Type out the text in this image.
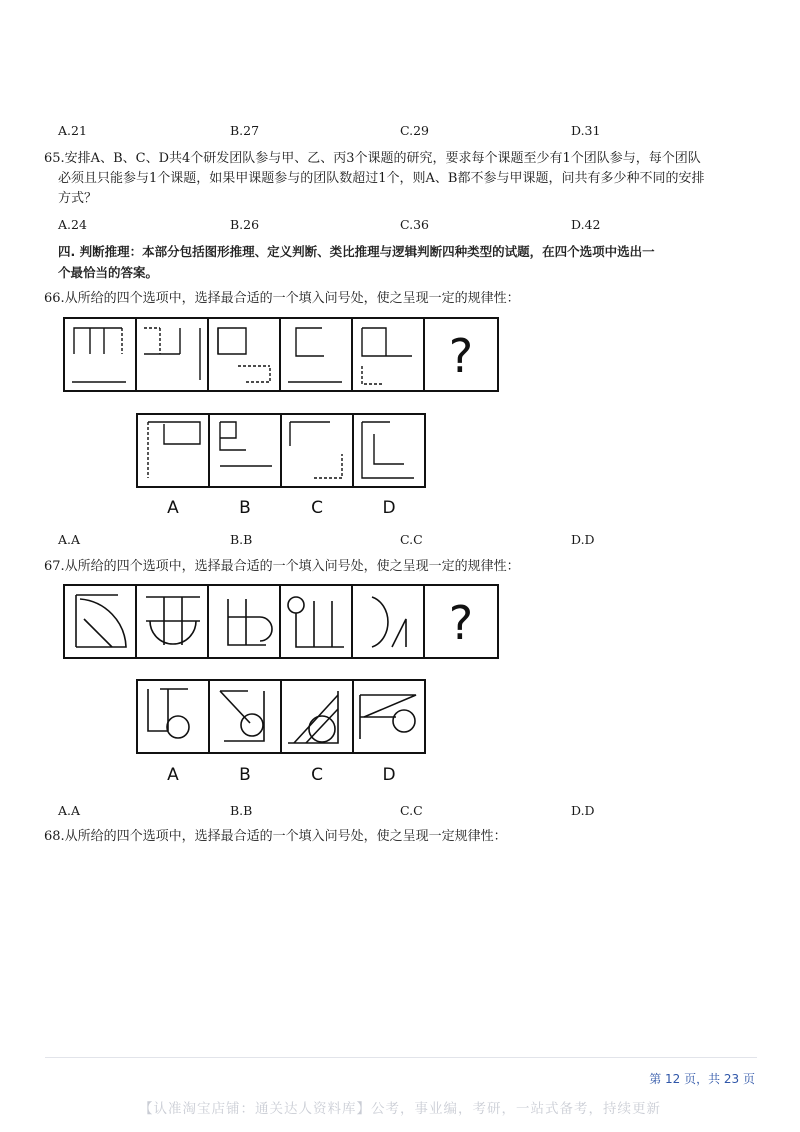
A.21	B.27	C.29	D.31
65.安排A、B、C、D共4个研发团队参与甲、乙、丙3个课题的研究，要求每个课题至少有1个团队参与，每个团队
必须且只能参与1个课题，如果甲课题参与的团队数超过1个，则A、B都不参与甲课题，问共有多少种不同的安排
方式？
A.24	B.26	C.36	D.42
四. 判断推理：本部分包括图形推理、定义判断、类比推理与逻辑判断四种类型的试题，在四个选项中选出一
个最恰当的答案。
66.从所给的四个选项中，选择最合适的一个填入问号处，使之呈现一定的规律性：
?
A	B	C	D
A.A	B.B	C.C	D.D
67.从所给的四个选项中，选择最合适的一个填入问号处，使之呈现一定的规律性：
?
A	B	C	D
A.A	B.B	C.C	D.D
68.从所给的四个选项中，选择最合适的一个填入问号处，使之呈现一定规律性：
第 12 页，共 23 页
【认准淘宝店铺：通关达人资料库】公考，事业编，考研，一站式备考，持续更新
